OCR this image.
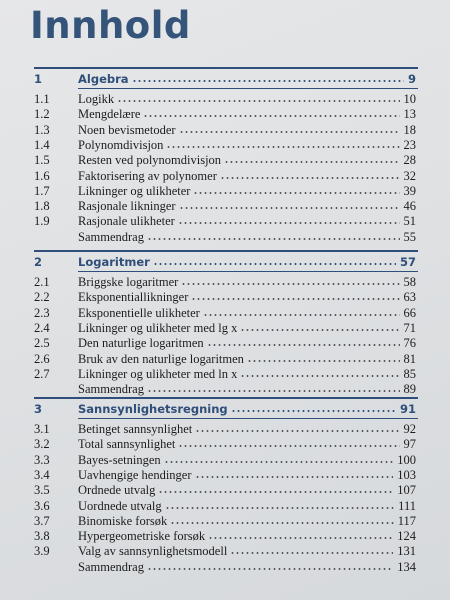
Innhold
1	Algebra	9
1.1 Logikk	10
1.2 Mengdelære	13
1.3 Noen bevismetoder	18
1.4 Polynomdivisjon	23
1.5 Resten ved polynomdivisjon	28
1.6 Faktorisering av polynomer	32
1.7 Likninger og ulikheter	39
1.8 Rasjonale likninger	46
1.9 Rasjonale ulikheter	51
Sammendrag	55
2	Logaritmer	57
2.1 Briggske logaritmer	58
2.2 Eksponentiallikninger	63
2.3 Eksponentielle ulikheter	66
2.4 Likninger og ulikheter med lg x	71
2.5 Den naturlige logaritmen	76
2.6 Bruk av den naturlige logaritmen	81
2.7 Likninger og ulikheter med ln x	85
Sammendrag	89
3	Sannsynlighetsregning	91
3.1 Betinget sannsynlighet	92
3.2 Total sannsynlighet	97
3.3 Bayes-setningen	100
3.4 Uavhengige hendinger	103
3.5 Ordnede utvalg	107
3.6 Uordnede utvalg	111
3.7 Binomiske forsøk	117
3.8 Hypergeometriske forsøk	124
3.9 Valg av sannsynlighetsmodell	131
Sammendrag	134
